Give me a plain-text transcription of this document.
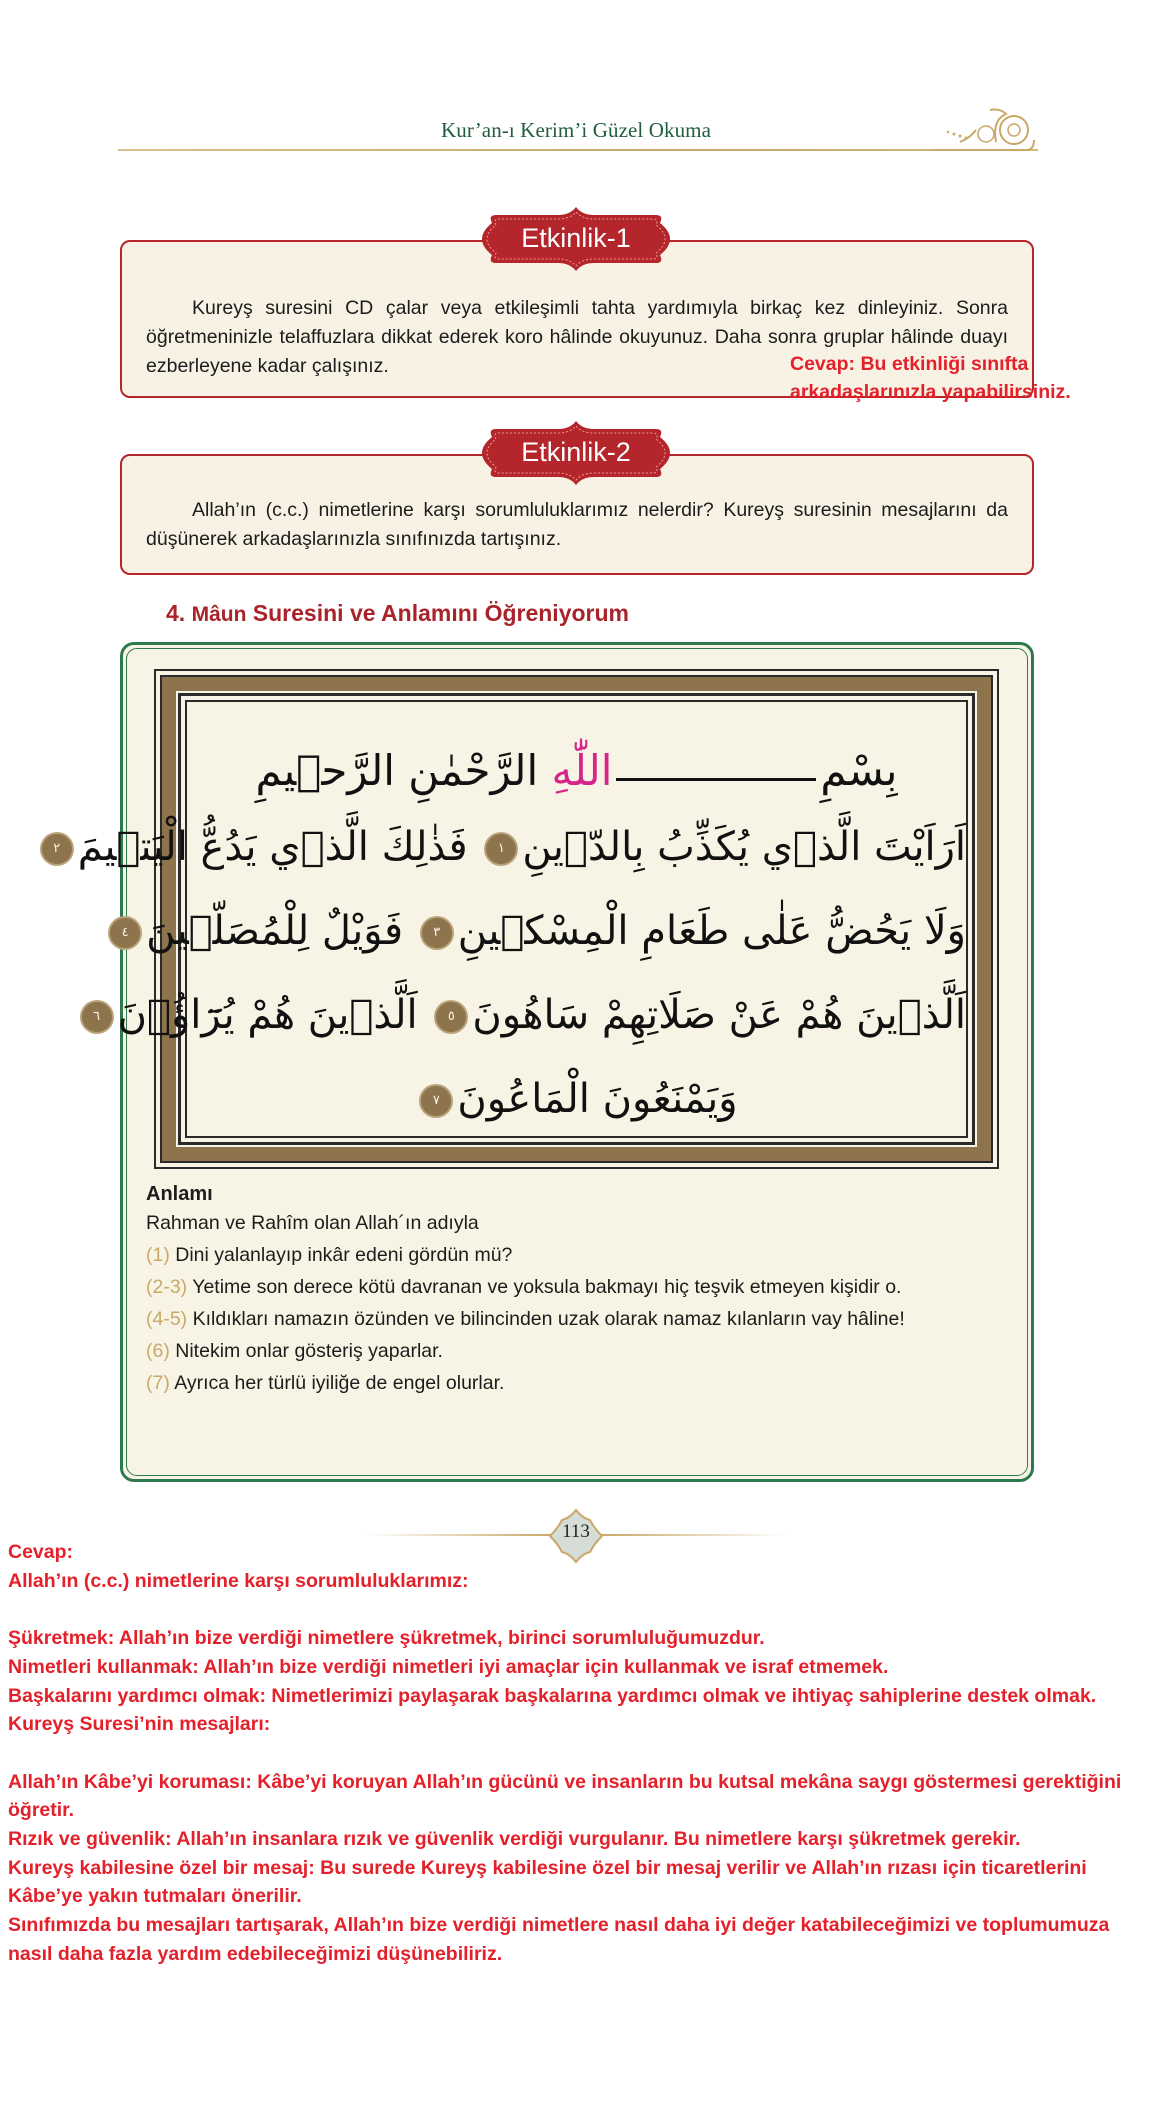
Kur’an-ı Kerim’i Güzel Okuma
Kureyş suresini CD çalar veya etkileşimli tahta yardımıyla birkaç kez dinleyiniz. Sonra öğretmeninizle telaffuzlara dikkat ederek koro hâlinde okuyunuz. Daha sonra gruplar hâlinde duayı ezberleyene kadar çalışınız.
Etkinlik-1
Cevap: Bu etkinliği sınıfta
arkadaşlarınızla yapabilirsiniz.
Allah’ın (c.c.) nimetlerine karşı sorumluluklarımız nelerdir? Kureyş suresinin mesajlarını da düşünerek arkadaşlarınızla sınıfınızda tartışınız.
Etkinlik-2
4. Mâun Suresini ve Anlamını Öğreniyorum
بِسْمِاللّٰهِ الرَّحْمٰنِ الرَّح۪يمِ
اَرَاَيْتَ الَّذ۪ي يُكَذِّبُ بِالدّ۪ينِ١ فَذٰلِكَ الَّذ۪ي يَدُعُّ الْيَت۪يمَ٢
وَلَا يَحُضُّ عَلٰى طَعَامِ الْمِسْك۪ينِ٣ فَوَيْلٌ لِلْمُصَلّ۪ينَ٤
اَلَّذ۪ينَ هُمْ عَنْ صَلَاتِهِمْ سَاهُونَ٥ اَلَّذ۪ينَ هُمْ يُرَٓاؤُ۫نَ٦
وَيَمْنَعُونَ الْمَاعُونَ٧
Anlamı
Rahman ve Rahîm olan Allah´ın adıyla
(1) Dini yalanlayıp inkâr edeni gördün mü?
(2-3) Yetime son derece kötü davranan ve yoksula bakmayı hiç teşvik etmeyen kişidir o.
(4-5) Kıldıkları namazın özünden ve bilincinden uzak olarak namaz kılanların vay hâline!
(6) Nitekim onlar gösteriş yaparlar.
(7) Ayrıca her türlü iyiliğe de engel olurlar.
113

Cevap:

Allah’ın (c.c.) nimetlerine karşı sorumluluklarımız:

Şükretmek: Allah’ın bize verdiği nimetlere şükretmek, birinci sorumluluğumuzdur.

Nimetleri kullanmak: Allah’ın bize verdiği nimetleri iyi amaçlar için kullanmak ve israf etmemek.

Başkalarını yardımcı olmak: Nimetlerimizi paylaşarak başkalarına yardımcı olmak ve ihtiyaç sahiplerine destek olmak.

Kureyş Suresi’nin mesajları:

Allah’ın Kâbe’yi koruması: Kâbe’yi koruyan Allah’ın gücünü ve insanların bu kutsal mekâna saygı göstermesi gerektiğini öğretir.

Rızık ve güvenlik: Allah’ın insanlara rızık ve güvenlik verdiği vurgulanır. Bu nimetlere karşı şükretmek gerekir.

Kureyş kabilesine özel bir mesaj: Bu surede Kureyş kabilesine özel bir mesaj verilir ve Allah’ın rızası için ticaretlerini Kâbe’ye yakın tutmaları önerilir.

Sınıfımızda bu mesajları tartışarak, Allah’ın bize verdiği nimetlere nasıl daha iyi değer katabileceğimizi ve toplumumuza nasıl daha fazla yardım edebileceğimizi düşünebiliriz.
